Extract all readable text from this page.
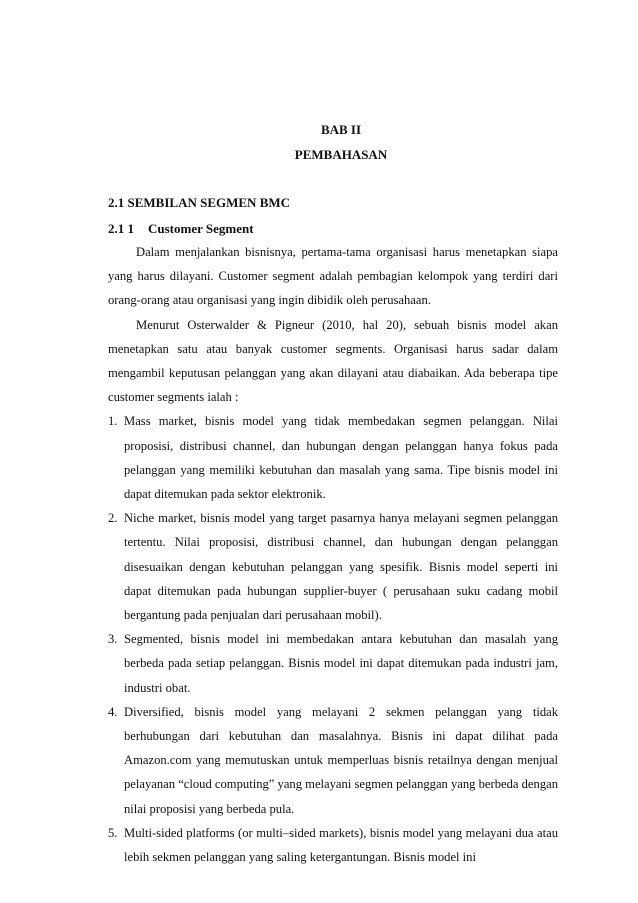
BAB II

PEMBAHASAN

2.1 SEMBILAN SEGMEN BMC

2.1 1 Customer Segment

Dalam menjalankan bisnisnya, pertama-tama organisasi harus menetapkan siapa yang harus dilayani. Customer segment adalah pembagian kelompok yang terdiri dari orang-orang atau organisasi yang ingin dibidik oleh perusahaan.

Menurut Osterwalder & Pigneur (2010, hal 20), sebuah bisnis model akan menetapkan satu atau banyak customer segments. Organisasi harus sadar dalam mengambil keputusan pelanggan yang akan dilayani atau diabaikan. Ada beberapa tipe customer segments ialah :

1. Mass market, bisnis model yang tidak membedakan segmen pelanggan. Nilai proposisi, distribusi channel, dan hubungan dengan pelanggan hanya fokus pada pelanggan yang memiliki kebutuhan dan masalah yang sama. Tipe bisnis model ini dapat ditemukan pada sektor elektronik.
2. Niche market, bisnis model yang target pasarnya hanya melayani segmen pelanggan tertentu. Nilai proposisi, distribusi channel, dan hubungan dengan pelanggan disesuaikan dengan kebutuhan pelanggan yang spesifik. Bisnis model seperti ini dapat ditemukan pada hubungan supplier-buyer ( perusahaan suku cadang mobil bergantung pada penjualan dari perusahaan mobil).
3. Segmented, bisnis model ini membedakan antara kebutuhan dan masalah yang berbeda pada setiap pelanggan. Bisnis model ini dapat ditemukan pada industri jam, industri obat.
4. Diversified, bisnis model yang melayani 2 sekmen pelanggan yang tidak berhubungan dari kebutuhan dan masalahnya. Bisnis ini dapat dilihat pada Amazon.com yang memutuskan untuk memperluas bisnis retailnya dengan menjual pelayanan “cloud computing” yang melayani segmen pelanggan yang berbeda dengan nilai proposisi yang berbeda pula.
5. Multi-sided platforms (or multi–sided markets), bisnis model yang melayani dua atau lebih sekmen pelanggan yang saling ketergantungan. Bisnis model ini
